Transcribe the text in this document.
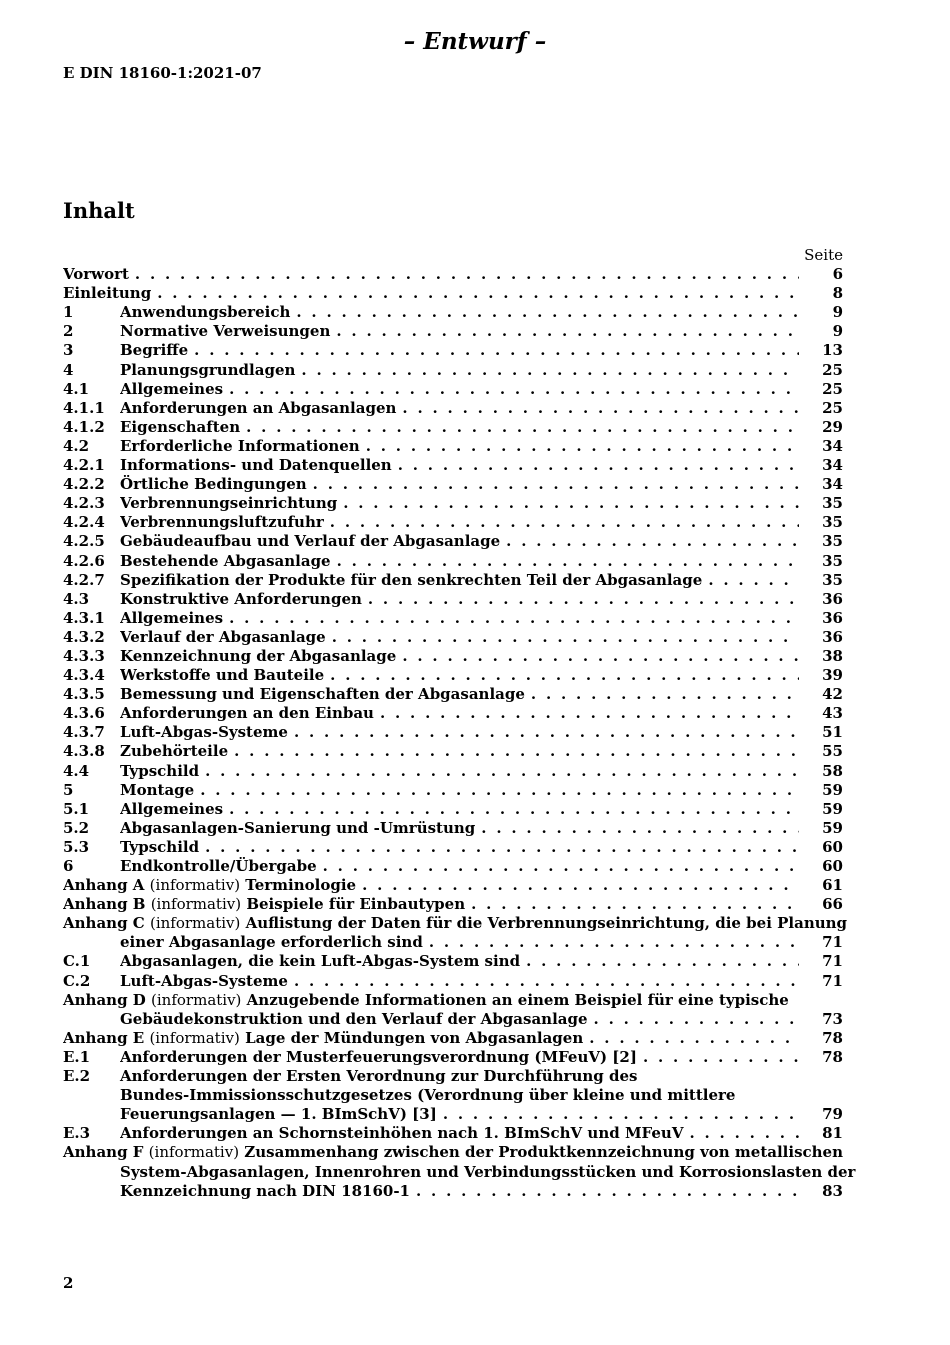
– Entwurf –
E DIN 18160-1:2021-07
Inhalt
Seite
Vorwort . . .	6
Einleitung . . .	8
1	Anwendungsbereich . . .	9
2	Normative Verweisungen . . .	9
3	Begriffe . . .	13
4	Planungsgrundlagen . . .	25
4.1 Allgemeines . . .	25
4.1.1 Anforderungen an Abgasanlagen . . .	25
4.1.2 Eigenschaften . . .	29
4.2 Erforderliche Informationen . . .	34
4.2.1 Informations- und Datenquellen . . .	34
4.2.2 Örtliche Bedingungen . . .	34
4.2.3 Verbrennungseinrichtung . . .	35
4.2.4 Verbrennungsluftzufuhr . . .	35
4.2.5 Gebäudeaufbau und Verlauf der Abgasanlage . . .	35
4.2.6 Bestehende Abgasanlage . . .	35
4.2.7 Spezifikation der Produkte für den senkrechten Teil der Abgasanlage . . .	35
4.3 Konstruktive Anforderungen . . .	36
4.3.1 Allgemeines . . .	36
4.3.2 Verlauf der Abgasanlage . . .	36
4.3.3 Kennzeichnung der Abgasanlage . . .	38
4.3.4 Werkstoffe und Bauteile . . .	39
4.3.5 Bemessung und Eigenschaften der Abgasanlage . . .	42
4.3.6 Anforderungen an den Einbau . . .	43
4.3.7 Luft-Abgas-Systeme . . .	51
4.3.8 Zubehörteile . . .	55
4.4 Typschild . . .	58
5	Montage . . .	59
5.1 Allgemeines . . .	59
5.2 Abgasanlagen-Sanierung und -Umrüstung . . .	59
5.3 Typschild . . .	60
6	Endkontrolle/Übergabe . . .	60
Anhang A (informativ) Terminologie . . .	61
Anhang B (informativ) Beispiele für Einbautypen . . .	66
Anhang C (informativ) Auflistung der Daten für die Verbrennungseinrichtung, die bei Planung
einer Abgasanlage erforderlich sind . . .	71
C.1 Abgasanlagen, die kein Luft-Abgas-System sind . . .	71
C.2 Luft-Abgas-Systeme . . .	71
Anhang D (informativ) Anzugebende Informationen an einem Beispiel für eine typische
Gebäudekonstruktion und den Verlauf der Abgasanlage . . .	73
Anhang E (informativ) Lage der Mündungen von Abgasanlagen . . .	78
E.1 Anforderungen der Musterfeuerungsverordnung (MFeuV) [2] . . .	78
E.2 Anforderungen der Ersten Verordnung zur Durchführung des
Bundes-Immissionsschutzgesetzes (Verordnung über kleine und mittlere
Feuerungsanlagen — 1. BImSchV) [3] . . .	79
E.3 Anforderungen an Schornsteinhöhen nach 1. BImSchV und MFeuV . . .	81
Anhang F (informativ) Zusammenhang zwischen der Produktkennzeichnung von metallischen
System-Abgasanlagen, Innenrohren und Verbindungsstücken und Korrosionslasten der
Kennzeichnung nach DIN 18160-1 . . .	83
2
